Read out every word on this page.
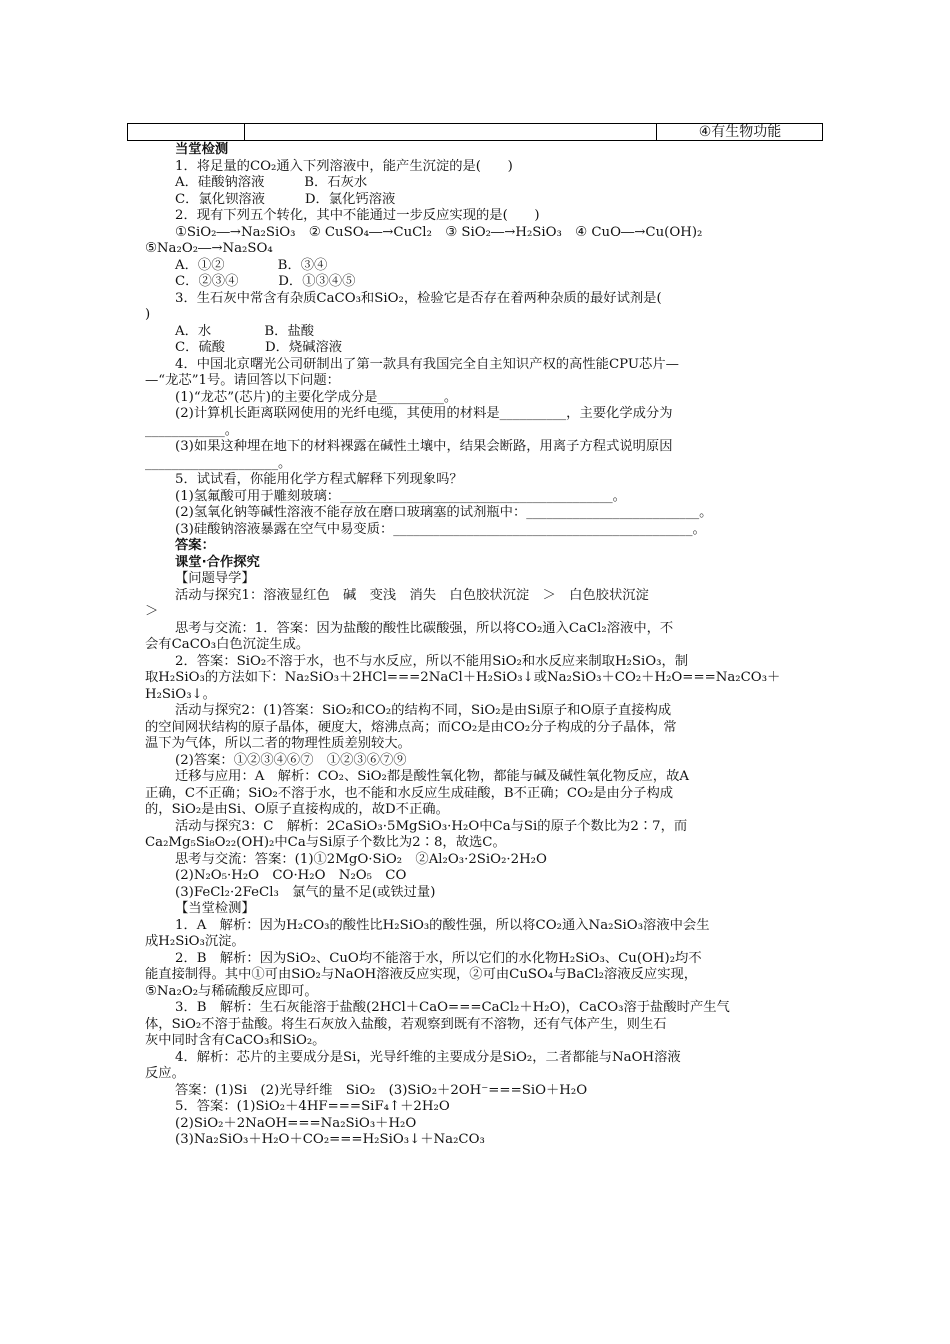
④有生物功能
当堂检测
1．将足量的CO₂通入下列溶液中，能产生沉淀的是(　　)
A．硅酸钠溶液　　　B．石灰水
C．氯化钡溶液　　　D．氯化钙溶液
2．现有下列五个转化，其中不能通过一步反应实现的是(　　)
①SiO₂―→Na₂SiO₃　② CuSO₄―→CuCl₂　③ SiO₂―→H₂SiO₃　④ CuO―→Cu(OH)₂
⑤Na₂O₂―→Na₂SO₄
A．①②　　　　B．③④
C．②③④　　　D．①③④⑤
3．生石灰中常含有杂质CaCO₃和SiO₂，检验它是否存在着两种杂质的最好试剂是(
)
A．水　　　　B．盐酸
C．硫酸　　　D．烧碱溶液
4．中国北京曙光公司研制出了第一款具有我国完全自主知识产权的高性能CPU芯片—
—“龙芯”1号。请回答以下问题：
(1)“龙芯”(芯片)的主要化学成分是__________。
(2)计算机长距离联网使用的光纤电缆，其使用的材料是__________，主要化学成分为
____________。
(3)如果这种埋在地下的材料裸露在碱性土壤中，结果会断路，用离子方程式说明原因
____________________。
5．试试看，你能用化学方程式解释下列现象吗？
(1)氢氟酸可用于雕刻玻璃：_________________________________________。
(2)氢氧化钠等碱性溶液不能存放在磨口玻璃塞的试剂瓶中：__________________________。
(3)硅酸钠溶液暴露在空气中易变质：_____________________________________________。
答案：
课堂·合作探究
【问题导学】
活动与探究1：溶液显红色　碱　变浅　消失　白色胶状沉淀　＞　白色胶状沉淀
＞
思考与交流：1．答案：因为盐酸的酸性比碳酸强，所以将CO₂通入CaCl₂溶液中，不
会有CaCO₃白色沉淀生成。
2．答案：SiO₂不溶于水，也不与水反应，所以不能用SiO₂和水反应来制取H₂SiO₃，制
取H₂SiO₃的方法如下：Na₂SiO₃＋2HCl===2NaCl＋H₂SiO₃↓或Na₂SiO₃＋CO₂＋H₂O===Na₂CO₃＋
H₂SiO₃↓。
活动与探究2：(1)答案：SiO₂和CO₂的结构不同，SiO₂是由Si原子和O原子直接构成
的空间网状结构的原子晶体，硬度大，熔沸点高；而CO₂是由CO₂分子构成的分子晶体，常
温下为气体，所以二者的物理性质差别较大。
(2)答案：①②③④⑥⑦　①②③⑥⑦⑨
迁移与应用：A　解析：CO₂、SiO₂都是酸性氧化物，都能与碱及碱性氧化物反应，故A
正确，C不正确；SiO₂不溶于水，也不能和水反应生成硅酸，B不正确；CO₂是由分子构成
的，SiO₂是由Si、O原子直接构成的，故D不正确。
活动与探究3：C　解析：2CaSiO₃·5MgSiO₃·H₂O中Ca与Si的原子个数比为2∶7，而
Ca₂Mg₅Si₈O₂₂(OH)₂中Ca与Si原子个数比为2∶8，故选C。
思考与交流：答案：(1)①2MgO·SiO₂　②Al₂O₃·2SiO₂·2H₂O
(2)N₂O₅·H₂O　CO·H₂O　N₂O₅　CO
(3)FeCl₂·2FeCl₃　氯气的量不足(或铁过量)
【当堂检测】
1．A　解析：因为H₂CO₃的酸性比H₂SiO₃的酸性强，所以将CO₂通入Na₂SiO₃溶液中会生
成H₂SiO₃沉淀。
2．B　解析：因为SiO₂、CuO均不能溶于水，所以它们的水化物H₂SiO₃、Cu(OH)₂均不
能直接制得。其中①可由SiO₂与NaOH溶液反应实现，②可由CuSO₄与BaCl₂溶液反应实现，
⑤Na₂O₂与稀硫酸反应即可。
3．B　解析：生石灰能溶于盐酸(2HCl＋CaO===CaCl₂＋H₂O)，CaCO₃溶于盐酸时产生气
体，SiO₂不溶于盐酸。将生石灰放入盐酸，若观察到既有不溶物，还有气体产生，则生石
灰中同时含有CaCO₃和SiO₂。
4．解析：芯片的主要成分是Si，光导纤维的主要成分是SiO₂，二者都能与NaOH溶液
反应。
答案：(1)Si　(2)光导纤维　SiO₂　(3)SiO₂＋2OH⁻===SiO＋H₂O
5．答案：(1)SiO₂＋4HF===SiF₄↑＋2H₂O
(2)SiO₂＋2NaOH===Na₂SiO₃＋H₂O
(3)Na₂SiO₃＋H₂O＋CO₂===H₂SiO₃↓＋Na₂CO₃
